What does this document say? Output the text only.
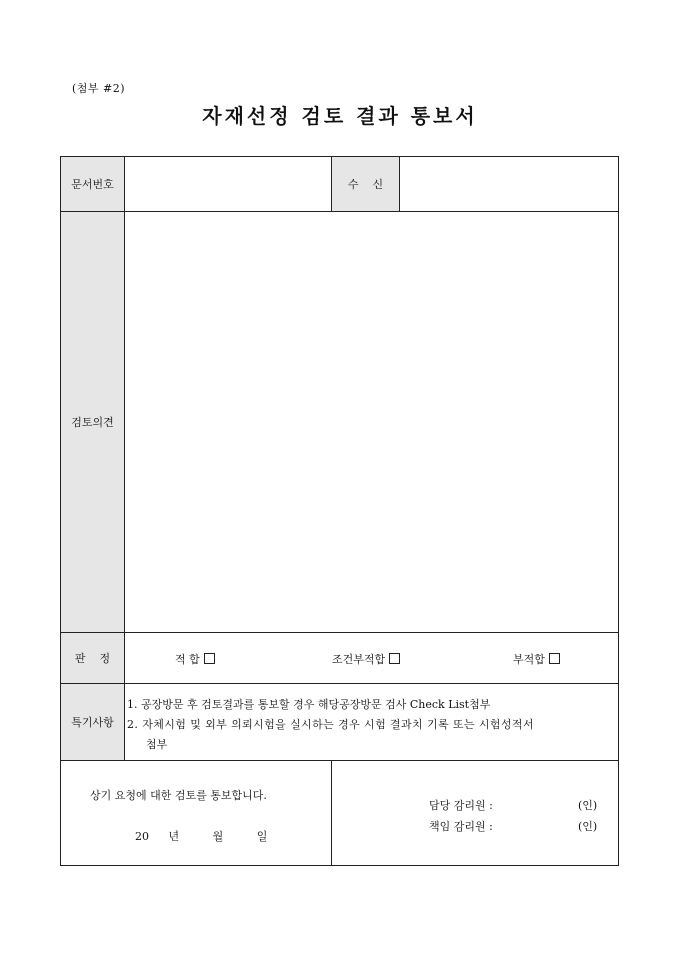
(첨부 #2)
자재선정 검토 결과 통보서
문서번호	수    신
검토의견
판    정	적 합	조건부적합	부적합
특기사항
1. 공장방문 후 검토결과를 통보할 경우 해당공장방문 검사 Check List첨부
2. 자체시험 및 외부 의뢰시험을 실시하는 경우 시험 결과치 기록 또는 시험성적서
첨부
상기 요청에 대한 검토를 통보합니다.
20 년	월	일
담당 감리원 :	(인)
책임 감리원 :	(인)
